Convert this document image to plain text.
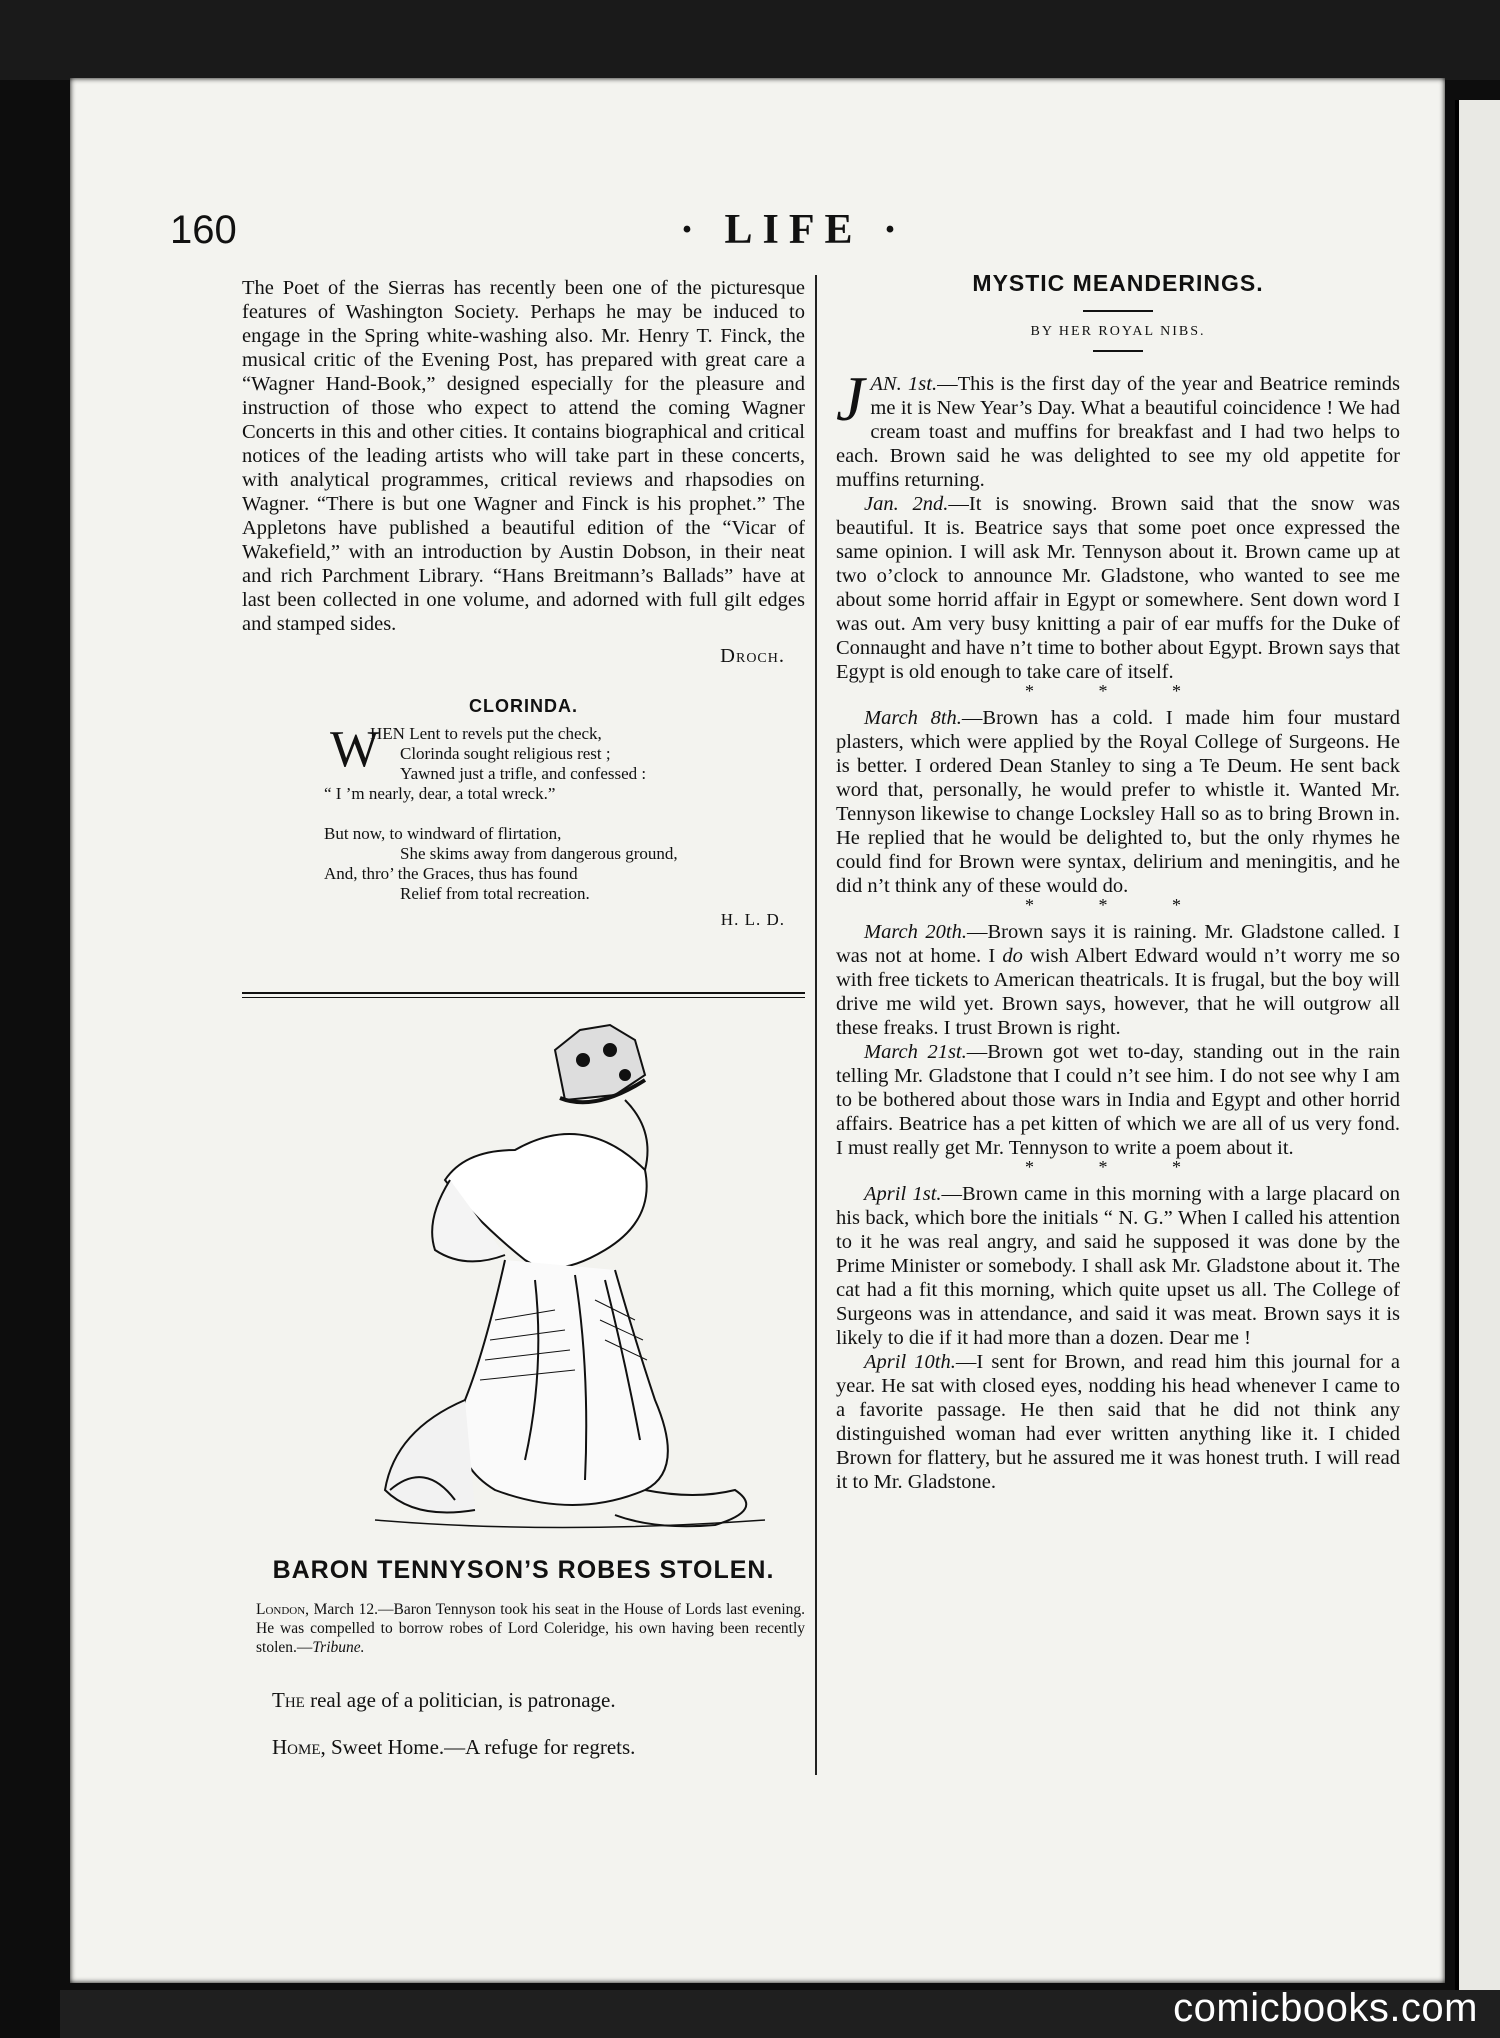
160	· LIFE ·

The Poet of the Sierras has recently been one of the picturesque features of Washington Society. Perhaps he may be induced to engage in the Spring white-washing also. Mr. Henry T. Finck, the musical critic of the Evening Post, has prepared with great care a “Wagner Hand-Book,” designed especially for the pleasure and instruction of those who expect to attend the coming Wagner Concerts in this and other cities. It contains biographical and critical notices of the leading artists who will take part in these concerts, with analytical programmes, critical reviews and rhapsodies on Wagner. “There is but one Wagner and Finck is his prophet.” The Appletons have published a beautiful edition of the “Vicar of Wakefield,” with an introduction by Austin Dobson, in their neat and rich Parchment Library. “Hans Breitmann’s Ballads” have at last been collected in one volume, and adorned with full gilt edges and stamped sides.

Droch.
CLORINDA.
W
HEN Lent to revels put the check,
Clorinda sought religious rest ;
Yawned just a trifle, and confessed :
“ I ’m nearly, dear, a total wreck.”
But now, to windward of flirtation,
She skims away from dangerous ground,
And, thro’ the Graces, thus has found
Relief from total recreation.
H. L. D.
BARON TENNYSON’S ROBES STOLEN.
London, March 12.—Baron Tennyson took his seat in the House of Lords last evening. He was compelled to borrow robes of Lord Coleridge, his own having been recently stolen.—Tribune.

The real age of a politician, is patronage.

Home, Sweet Home.—A refuge for regrets.

MYSTIC MEANDERINGS.
BY HER ROYAL NIBS.

JAN. 1st.—This is the first day of the year and Beatrice reminds me it is New Year’s Day. What a beautiful coincidence ! We had cream toast and muffins for breakfast and I had two helps to each. Brown said he was delighted to see my old appetite for muffins returning.

Jan. 2nd.—It is snowing. Brown said that the snow was beautiful. It is. Beatrice says that some poet once expressed the same opinion. I will ask Mr. Tennyson about it. Brown came up at two o’clock to announce Mr. Gladstone, who wanted to see me about some horrid affair in Egypt or somewhere. Sent down word I was out. Am very busy knitting a pair of ear muffs for the Duke of Connaught and have n’t time to bother about Egypt. Brown says that Egypt is old enough to take care of itself.

* * *

March 8th.—Brown has a cold. I made him four mustard plasters, which were applied by the Royal College of Surgeons. He is better. I ordered Dean Stanley to sing a Te Deum. He sent back word that, personally, he would prefer to whistle it. Wanted Mr. Tennyson likewise to change Locksley Hall so as to bring Brown in. He replied that he would be delighted to, but the only rhymes he could find for Brown were syntax, delirium and meningitis, and he did n’t think any of these would do.

* * *

March 20th.—Brown says it is raining. Mr. Gladstone called. I was not at home. I do wish Albert Edward would n’t worry me so with free tickets to American theatricals. It is frugal, but the boy will drive me wild yet. Brown says, however, that he will outgrow all these freaks. I trust Brown is right.

March 21st.—Brown got wet to-day, standing out in the rain telling Mr. Gladstone that I could n’t see him. I do not see why I am to be bothered about those wars in India and Egypt and other horrid affairs. Beatrice has a pet kitten of which we are all of us very fond. I must really get Mr. Tennyson to write a poem about it.

* * *

April 1st.—Brown came in this morning with a large placard on his back, which bore the initials “ N. G.” When I called his attention to it he was real angry, and said he supposed it was done by the Prime Minister or somebody. I shall ask Mr. Gladstone about it. The cat had a fit this morning, which quite upset us all. The College of Surgeons was in attendance, and said it was meat. Brown says it is likely to die if it had more than a dozen. Dear me !

April 10th.—I sent for Brown, and read him this journal for a year. He sat with closed eyes, nodding his head whenever I came to a favorite passage. He then said that he did not think any distinguished woman had ever written anything like it. I chided Brown for flattery, but he assured me it was honest truth. I will read it to Mr. Gladstone.

comicbooks.com
